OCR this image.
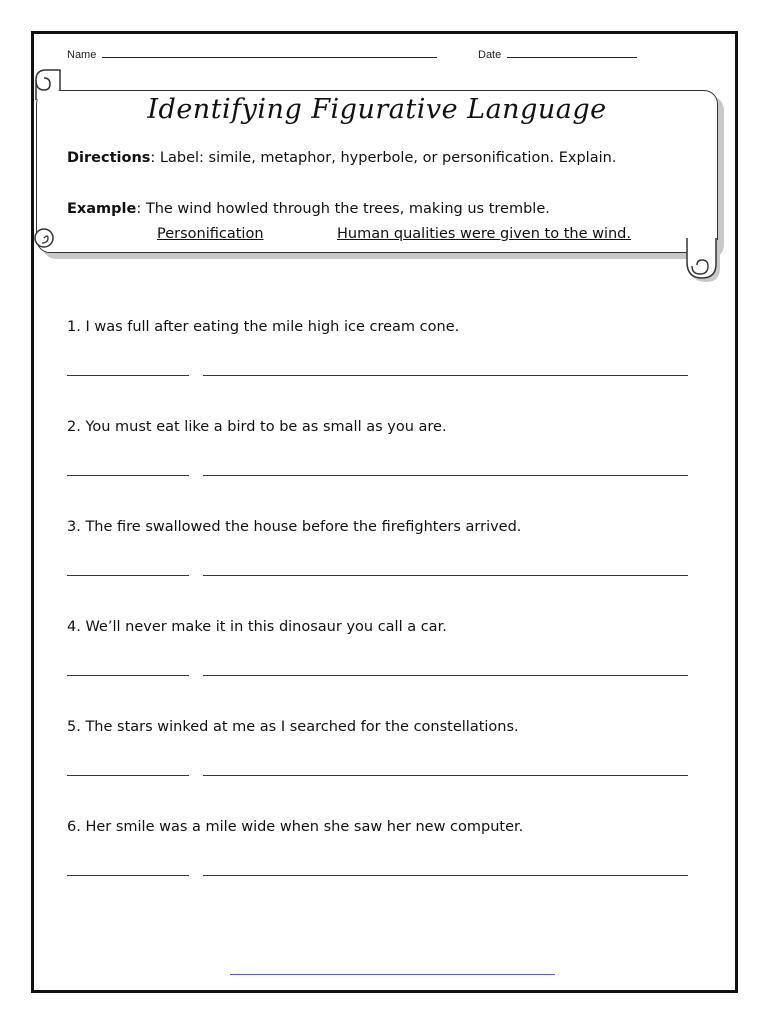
Name	Date
Identifying Figurative Language
Directions: Label: simile, metaphor, hyperbole, or personification. Explain.
Example: The wind howled through the trees, making us tremble.
Personification	Human qualities were given to the wind.
1. I was full after eating the mile high ice cream cone.
2. You must eat like a bird to be as small as you are.
3. The fire swallowed the house before the firefighters arrived.
4. We’ll never make it in this dinosaur you call a car.
5. The stars winked at me as I searched for the constellations.
6. Her smile was a mile wide when she saw her new computer.
